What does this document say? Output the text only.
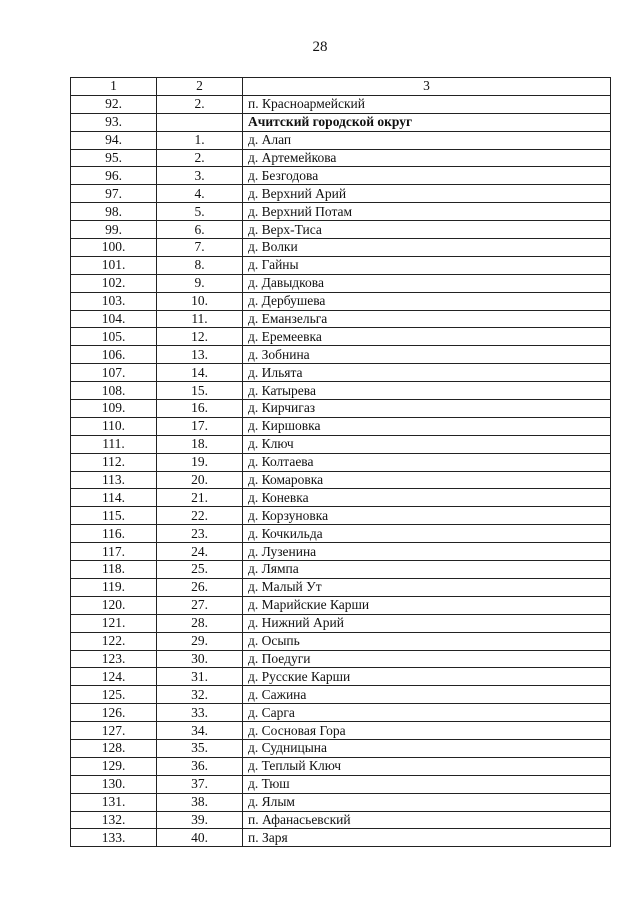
28
1	2	3
92.	2.	п. Красноармейский
93.		Ачитский городской округ
94.	1.	д. Алап
95.	2.	д. Артемейкова
96.	3.	д. Безгодова
97.	4.	д. Верхний Арий
98.	5.	д. Верхний Потам
99.	6.	д. Верх-Тиса
100.	7.	д. Волки
101.	8.	д. Гайны
102.	9.	д. Давыдкова
103.	10.	д. Дербушева
104.	11.	д. Еманзельга
105.	12.	д. Еремеевка
106.	13.	д. Зобнина
107.	14.	д. Ильята
108.	15.	д. Катырева
109.	16.	д. Кирчигаз
110.	17.	д. Киршовка
111.	18.	д. Ключ
112.	19.	д. Колтаева
113.	20.	д. Комаровка
114.	21.	д. Коневка
115.	22.	д. Корзуновка
116.	23.	д. Кочкильда
117.	24.	д. Лузенина
118.	25.	д. Лямпа
119.	26.	д. Малый Ут
120.	27.	д. Марийские Карши
121.	28.	д. Нижний Арий
122.	29.	д. Осыпь
123.	30.	д. Поедуги
124.	31.	д. Русские Карши
125.	32.	д. Сажина
126.	33.	д. Сарга
127.	34.	д. Сосновая Гора
128.	35.	д. Судницына
129.	36.	д. Теплый Ключ
130.	37.	д. Тюш
131.	38.	д. Ялым
132.	39.	п. Афанасьевский
133.	40.	п. Заря
